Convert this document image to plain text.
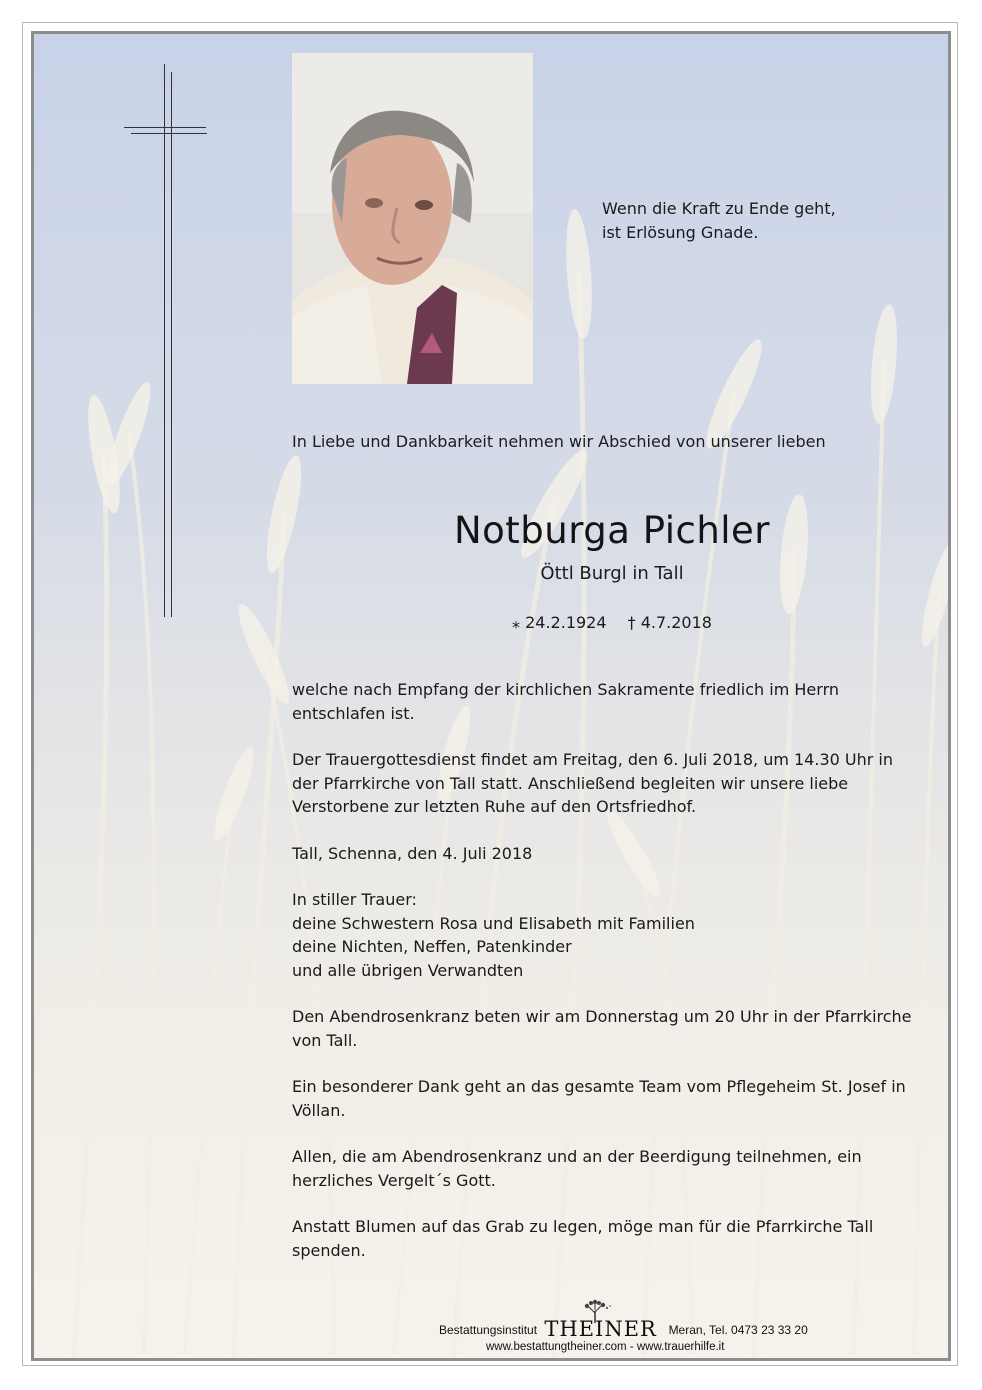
Wenn die Kraft zu Ende geht,
ist Erlösung Gnade.
In Liebe und Dankbarkeit nehmen wir Abschied von unserer lieben
Notburga Pichler
Öttl Burgl in Tall
⁎ 24.2.1924 † 4.7.2018

welche nach Empfang der kirchlichen Sakramente friedlich im Herrn
entschlafen ist.

Der Trauergottesdienst findet am Freitag, den 6. Juli 2018, um 14.30 Uhr in
der Pfarrkirche von Tall statt. Anschließend begleiten wir unsere liebe
Verstorbene zur letzten Ruhe auf den Ortsfriedhof.

Tall, Schenna, den 4. Juli 2018

In stiller Trauer:
deine Schwestern Rosa und Elisabeth mit Familien
deine Nichten, Neffen, Patenkinder
und alle übrigen Verwandten

Den Abendrosenkranz beten wir am Donnerstag um 20 Uhr in der Pfarrkirche
von Tall.

Ein besonderer Dank geht an das gesamte Team vom Pflegeheim St. Josef in
Völlan.

Allen, die am Abendrosenkranz und an der Beerdigung teilnehmen, ein
herzliches Vergelt´s Gott.

Anstatt Blumen auf das Grab zu legen, möge man für die Pfarrkirche Tall
spenden.

Bestattungsinstitut THEINER Meran, Tel. 0473 23 33 20
www.bestattungtheiner.com - www.trauerhilfe.it
